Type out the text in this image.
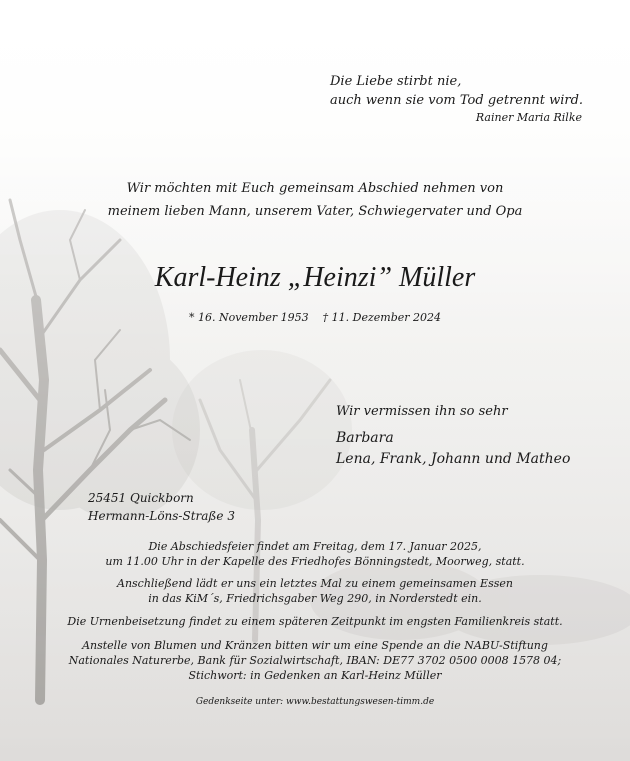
Die Liebe stirbt nie,
auch wenn sie vom Tod getrennt wird.
Rainer Maria Rilke
Wir möchten mit Euch gemeinsam Abschied nehmen von
meinem lieben Mann, unserem Vater, Schwiegervater und Opa
Karl-Heinz „Heinzi” Müller
* 16. November 1953    † 11. Dezember 2024
Wir vermissen ihn so sehr
Barbara
Lena, Frank, Johann und Matheo
25451 Quickborn
Hermann-Löns-Straße 3
Die Abschiedsfeier findet am Freitag, dem 17. Januar 2025,
um 11.00 Uhr in der Kapelle des Friedhofes Bönningstedt, Moorweg, statt.
Anschließend lädt er uns ein letztes Mal zu einem gemeinsamen Essen
in das KiM´s, Friedrichsgaber Weg 290, in Norderstedt ein.
Die Urnenbeisetzung findet zu einem späteren Zeitpunkt im engsten Familienkreis statt.
Anstelle von Blumen und Kränzen bitten wir um eine Spende an die NABU-Stiftung
Nationales Naturerbe, Bank für Sozialwirtschaft, IBAN: DE77 3702 0500 0008 1578 04;
Stichwort: in Gedenken an Karl-Heinz Müller
Gedenkseite unter: www.bestattungswesen-timm.de
